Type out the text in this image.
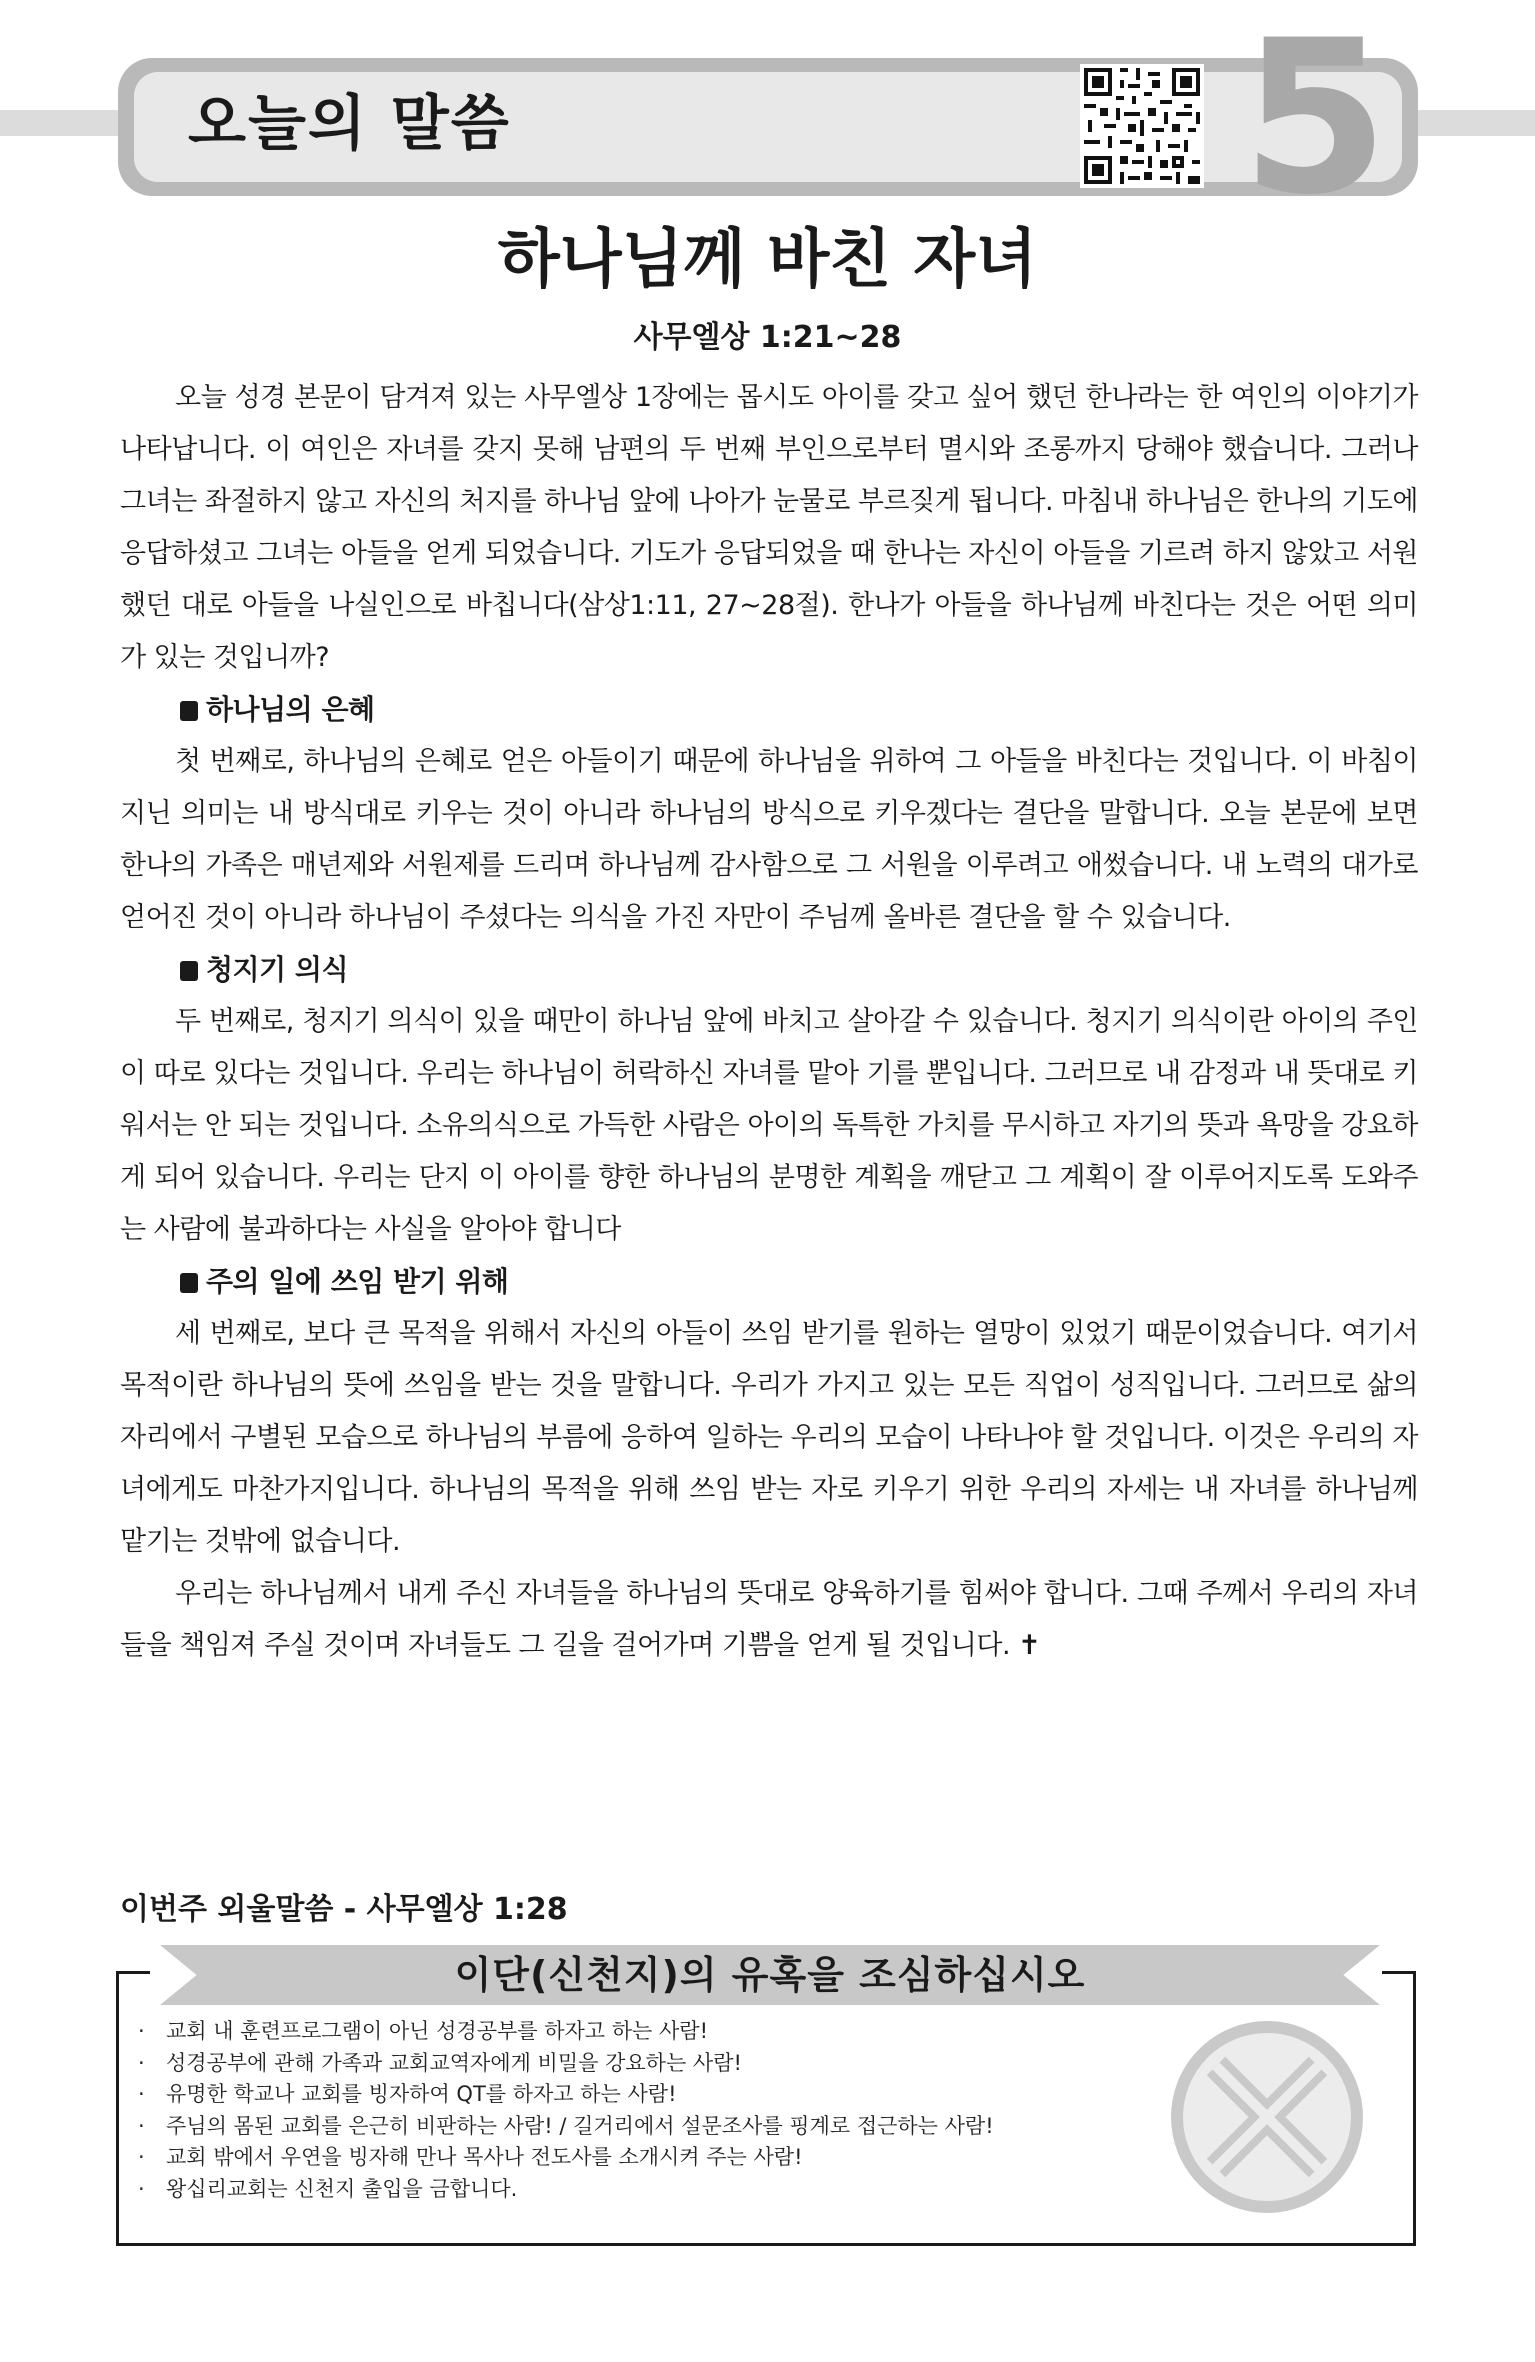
오늘의 말씀	5
하나님께 바친 자녀
사무엘상 1:21~28

오늘 성경 본문이 담겨져 있는 사무엘상 1장에는 몹시도 아이를 갖고 싶어 했던 한나라는 한 여인의 이야기가 나타납니다. 이 여인은 자녀를 갖지 못해 남편의 두 번째 부인으로부터 멸시와 조롱까지 당해야 했습니다. 그러나 그녀는 좌절하지 않고 자신의 처지를 하나님 앞에 나아가 눈물로 부르짖게 됩니다. 마침내 하나님은 한나의 기도에 응답하셨고 그녀는 아들을 얻게 되었습니다. 기도가 응답되었을 때 한나는 자신이 아들을 기르려 하지 않았고 서원했던 대로 아들을 나실인으로 바칩니다(삼상1:11, 27~28절). 한나가 아들을 하나님께 바친다는 것은 어떤 의미가 있는 것입니까?

하나님의 은혜

첫 번째로, 하나님의 은혜로 얻은 아들이기 때문에 하나님을 위하여 그 아들을 바친다는 것입니다. 이 바침이 지닌 의미는 내 방식대로 키우는 것이 아니라 하나님의 방식으로 키우겠다는 결단을 말합니다. 오늘 본문에 보면 한나의 가족은 매년제와 서원제를 드리며 하나님께 감사함으로 그 서원을 이루려고 애썼습니다. 내 노력의 대가로 얻어진 것이 아니라 하나님이 주셨다는 의식을 가진 자만이 주님께 올바른 결단을 할 수 있습니다.

청지기 의식

두 번째로, 청지기 의식이 있을 때만이 하나님 앞에 바치고 살아갈 수 있습니다. 청지기 의식이란 아이의 주인이 따로 있다는 것입니다. 우리는 하나님이 허락하신 자녀를 맡아 기를 뿐입니다. 그러므로 내 감정과 내 뜻대로 키워서는 안 되는 것입니다. 소유의식으로 가득한 사람은 아이의 독특한 가치를 무시하고 자기의 뜻과 욕망을 강요하게 되어 있습니다. 우리는 단지 이 아이를 향한 하나님의 분명한 계획을 깨닫고 그 계획이 잘 이루어지도록 도와주는 사람에 불과하다는 사실을 알아야 합니다

주의 일에 쓰임 받기 위해

세 번째로, 보다 큰 목적을 위해서 자신의 아들이 쓰임 받기를 원하는 열망이 있었기 때문이었습니다. 여기서 목적이란 하나님의 뜻에 쓰임을 받는 것을 말합니다. 우리가 가지고 있는 모든 직업이 성직입니다. 그러므로 삶의 자리에서 구별된 모습으로 하나님의 부름에 응하여 일하는 우리의 모습이 나타나야 할 것입니다. 이것은 우리의 자녀에게도 마찬가지입니다. 하나님의 목적을 위해 쓰임 받는 자로 키우기 위한 우리의 자세는 내 자녀를 하나님께 맡기는 것밖에 없습니다.

우리는 하나님께서 내게 주신 자녀들을 하나님의 뜻대로 양육하기를 힘써야 합니다. 그때 주께서 우리의 자녀들을 책임져 주실 것이며 자녀들도 그 길을 걸어가며 기쁨을 얻게 될 것입니다. ✝

이번주 외울말씀 - 사무엘상 1:28
이단(신천지)의 유혹을 조심하십시오
· 교회 내 훈련프로그램이 아닌 성경공부를 하자고 하는 사람!
· 성경공부에 관해 가족과 교회교역자에게 비밀을 강요하는 사람!
· 유명한 학교나 교회를 빙자하여 QT를 하자고 하는 사람!
· 주님의 몸된 교회를 은근히 비판하는 사람! / 길거리에서 설문조사를 핑계로 접근하는 사람!
· 교회 밖에서 우연을 빙자해 만나 목사나 전도사를 소개시켜 주는 사람!
· 왕십리교회는 신천지 출입을 금합니다.
